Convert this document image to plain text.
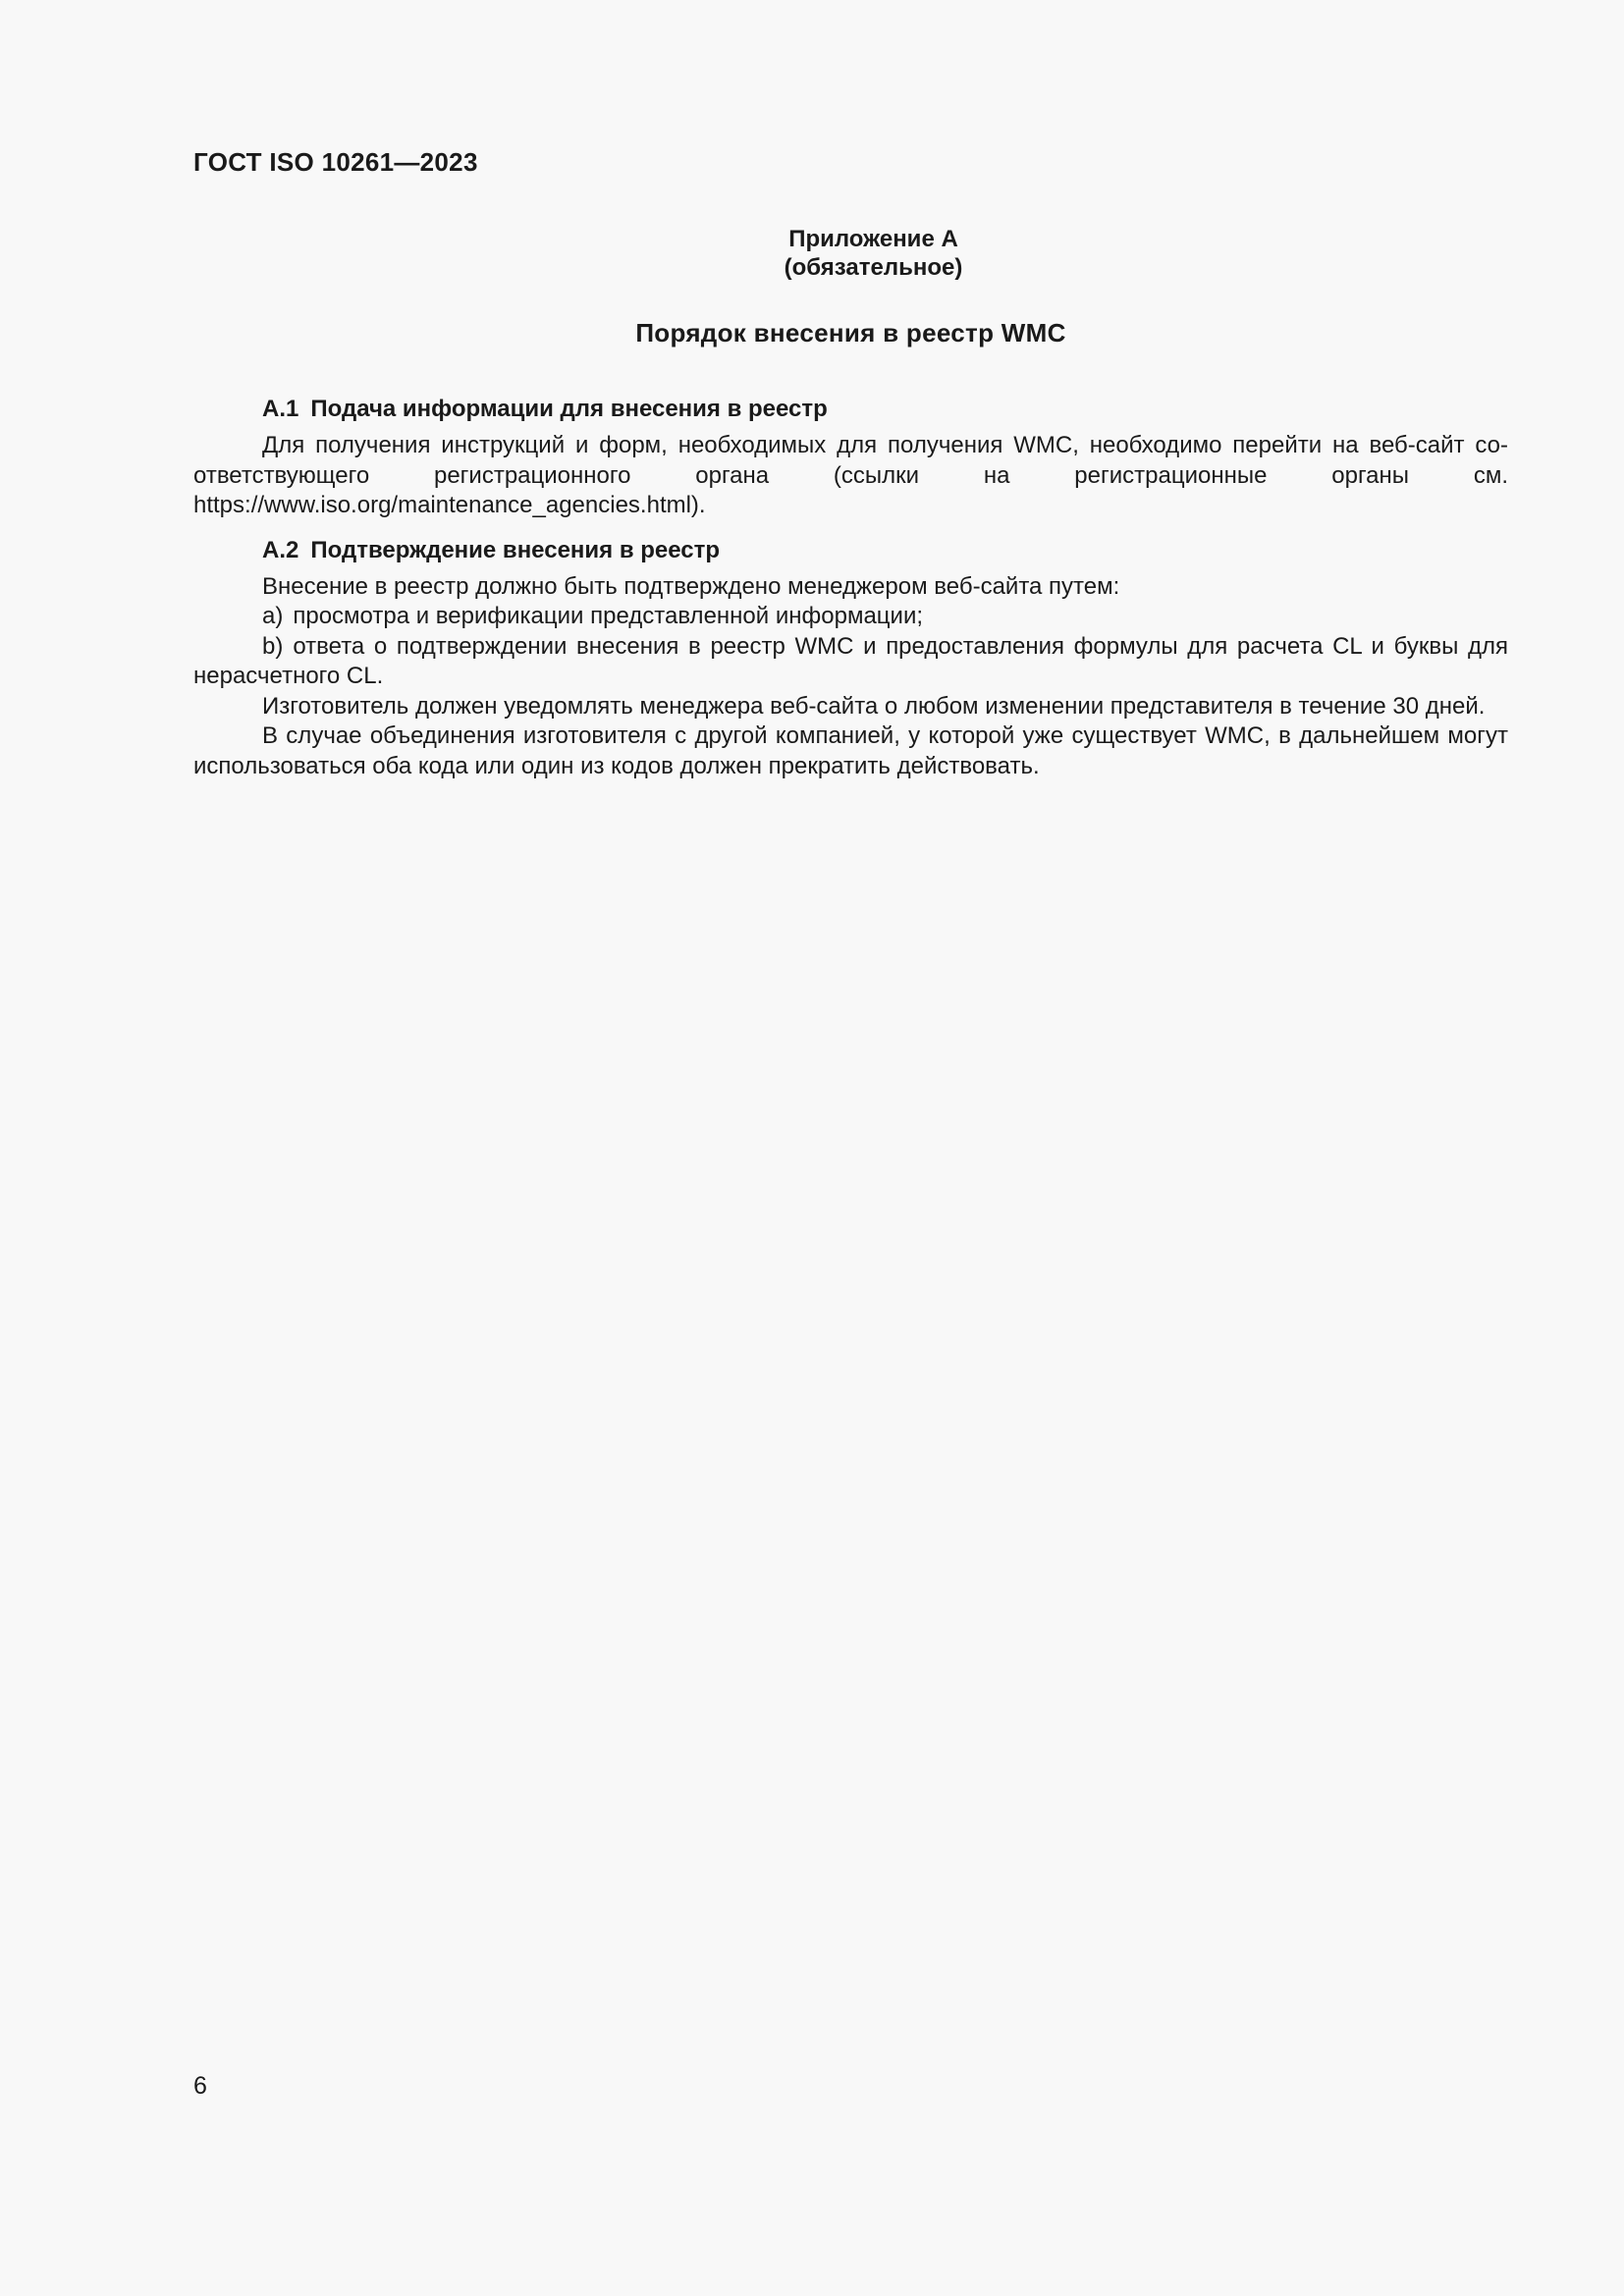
ГОСТ ISO 10261—2023

Приложение А

(обязательное)

Порядок внесения в реестр WMC

А.1 Подача информации для внесения в реестр

Для получения инструкций и форм, необходимых для получения WMC, необходимо перейти на веб-сайт соответствующего регистрационного органа (ссылки на регистрационные органы см. https://www.iso.org/maintenance_agencies.html).

А.2 Подтверждение внесения в реестр

Внесение в реестр должно быть подтверждено менеджером веб-сайта путем:

a) просмотра и верификации представленной информации;

b) ответа о подтверждении внесения в реестр WMC и предоставления формулы для расчета CL и буквы для нерасчетного CL.

Изготовитель должен уведомлять менеджера веб-сайта о любом изменении представителя в течение 30 дней.

В случае объединения изготовителя с другой компанией, у которой уже существует WMC, в дальнейшем могут использоваться оба кода или один из кодов должен прекратить действовать.

6
